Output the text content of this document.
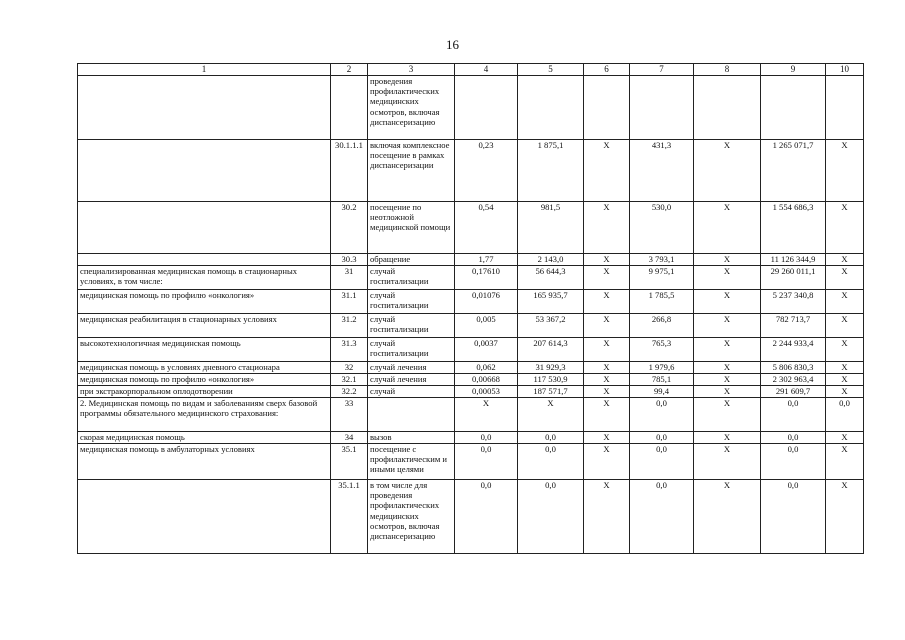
16
1	2	3	4	5	6	7	8	9	10
		проведения профилактических медицинских осмотров, включая диспансеризацию							
	30.1.1.1	включая комплексное посещение в рамках диспансеризации	0,23	1 875,1	X	431,3	X	1 265 071,7	X
	30.2	посещение по неотложной медицинской помощи	0,54	981,5	X	530,0	X	1 554 686,3	X
	30.3	обращение	1,77	2 143,0	X	3 793,1	X	11 126 344,9	X
специализированная медицинская помощь в стационарных условиях, в том числе:	31	случай госпитализации	0,17610	56 644,3	X	9 975,1	X	29 260 011,1	X
медицинская помощь по профилю «онкология»	31.1	случай госпитализации	0,01076	165 935,7	X	1 785,5	X	5 237 340,8	X
медицинская реабилитация в стационарных условиях	31.2	случай госпитализации	0,005	53 367,2	X	266,8	X	782 713,7	X
высокотехнологичная медицинская помощь	31.3	случай госпитализации	0,0037	207 614,3	X	765,3	X	2 244 933,4	X
медицинская помощь в условиях дневного стационара	32	случай лечения	0,062	31 929,3	X	1 979,6	X	5 806 830,3	X
медицинская помощь по профилю «онкология»	32.1	случай лечения	0,00668	117 530,9	X	785,1	X	2 302 963,4	X
при экстракорпоральном оплодотворении	32.2	случай	0,00053	187 571,7	X	99,4	X	291 609,7	X
2. Медицинская помощь по видам и заболеваниям сверх базовой программы обязательного медицинского страхования:	33		X	X	X	0,0	X	0,0	0,0
скорая медицинская помощь	34	вызов	0,0	0,0	X	0,0	X	0,0	X
медицинская помощь в амбулаторных условиях	35.1	посещение с профилактическим и иными целями	0,0	0,0	X	0,0	X	0,0	X
	35.1.1	в том числе для проведения профилактических медицинских осмотров, включая диспансеризацию	0,0	0,0	X	0,0	X	0,0	X
